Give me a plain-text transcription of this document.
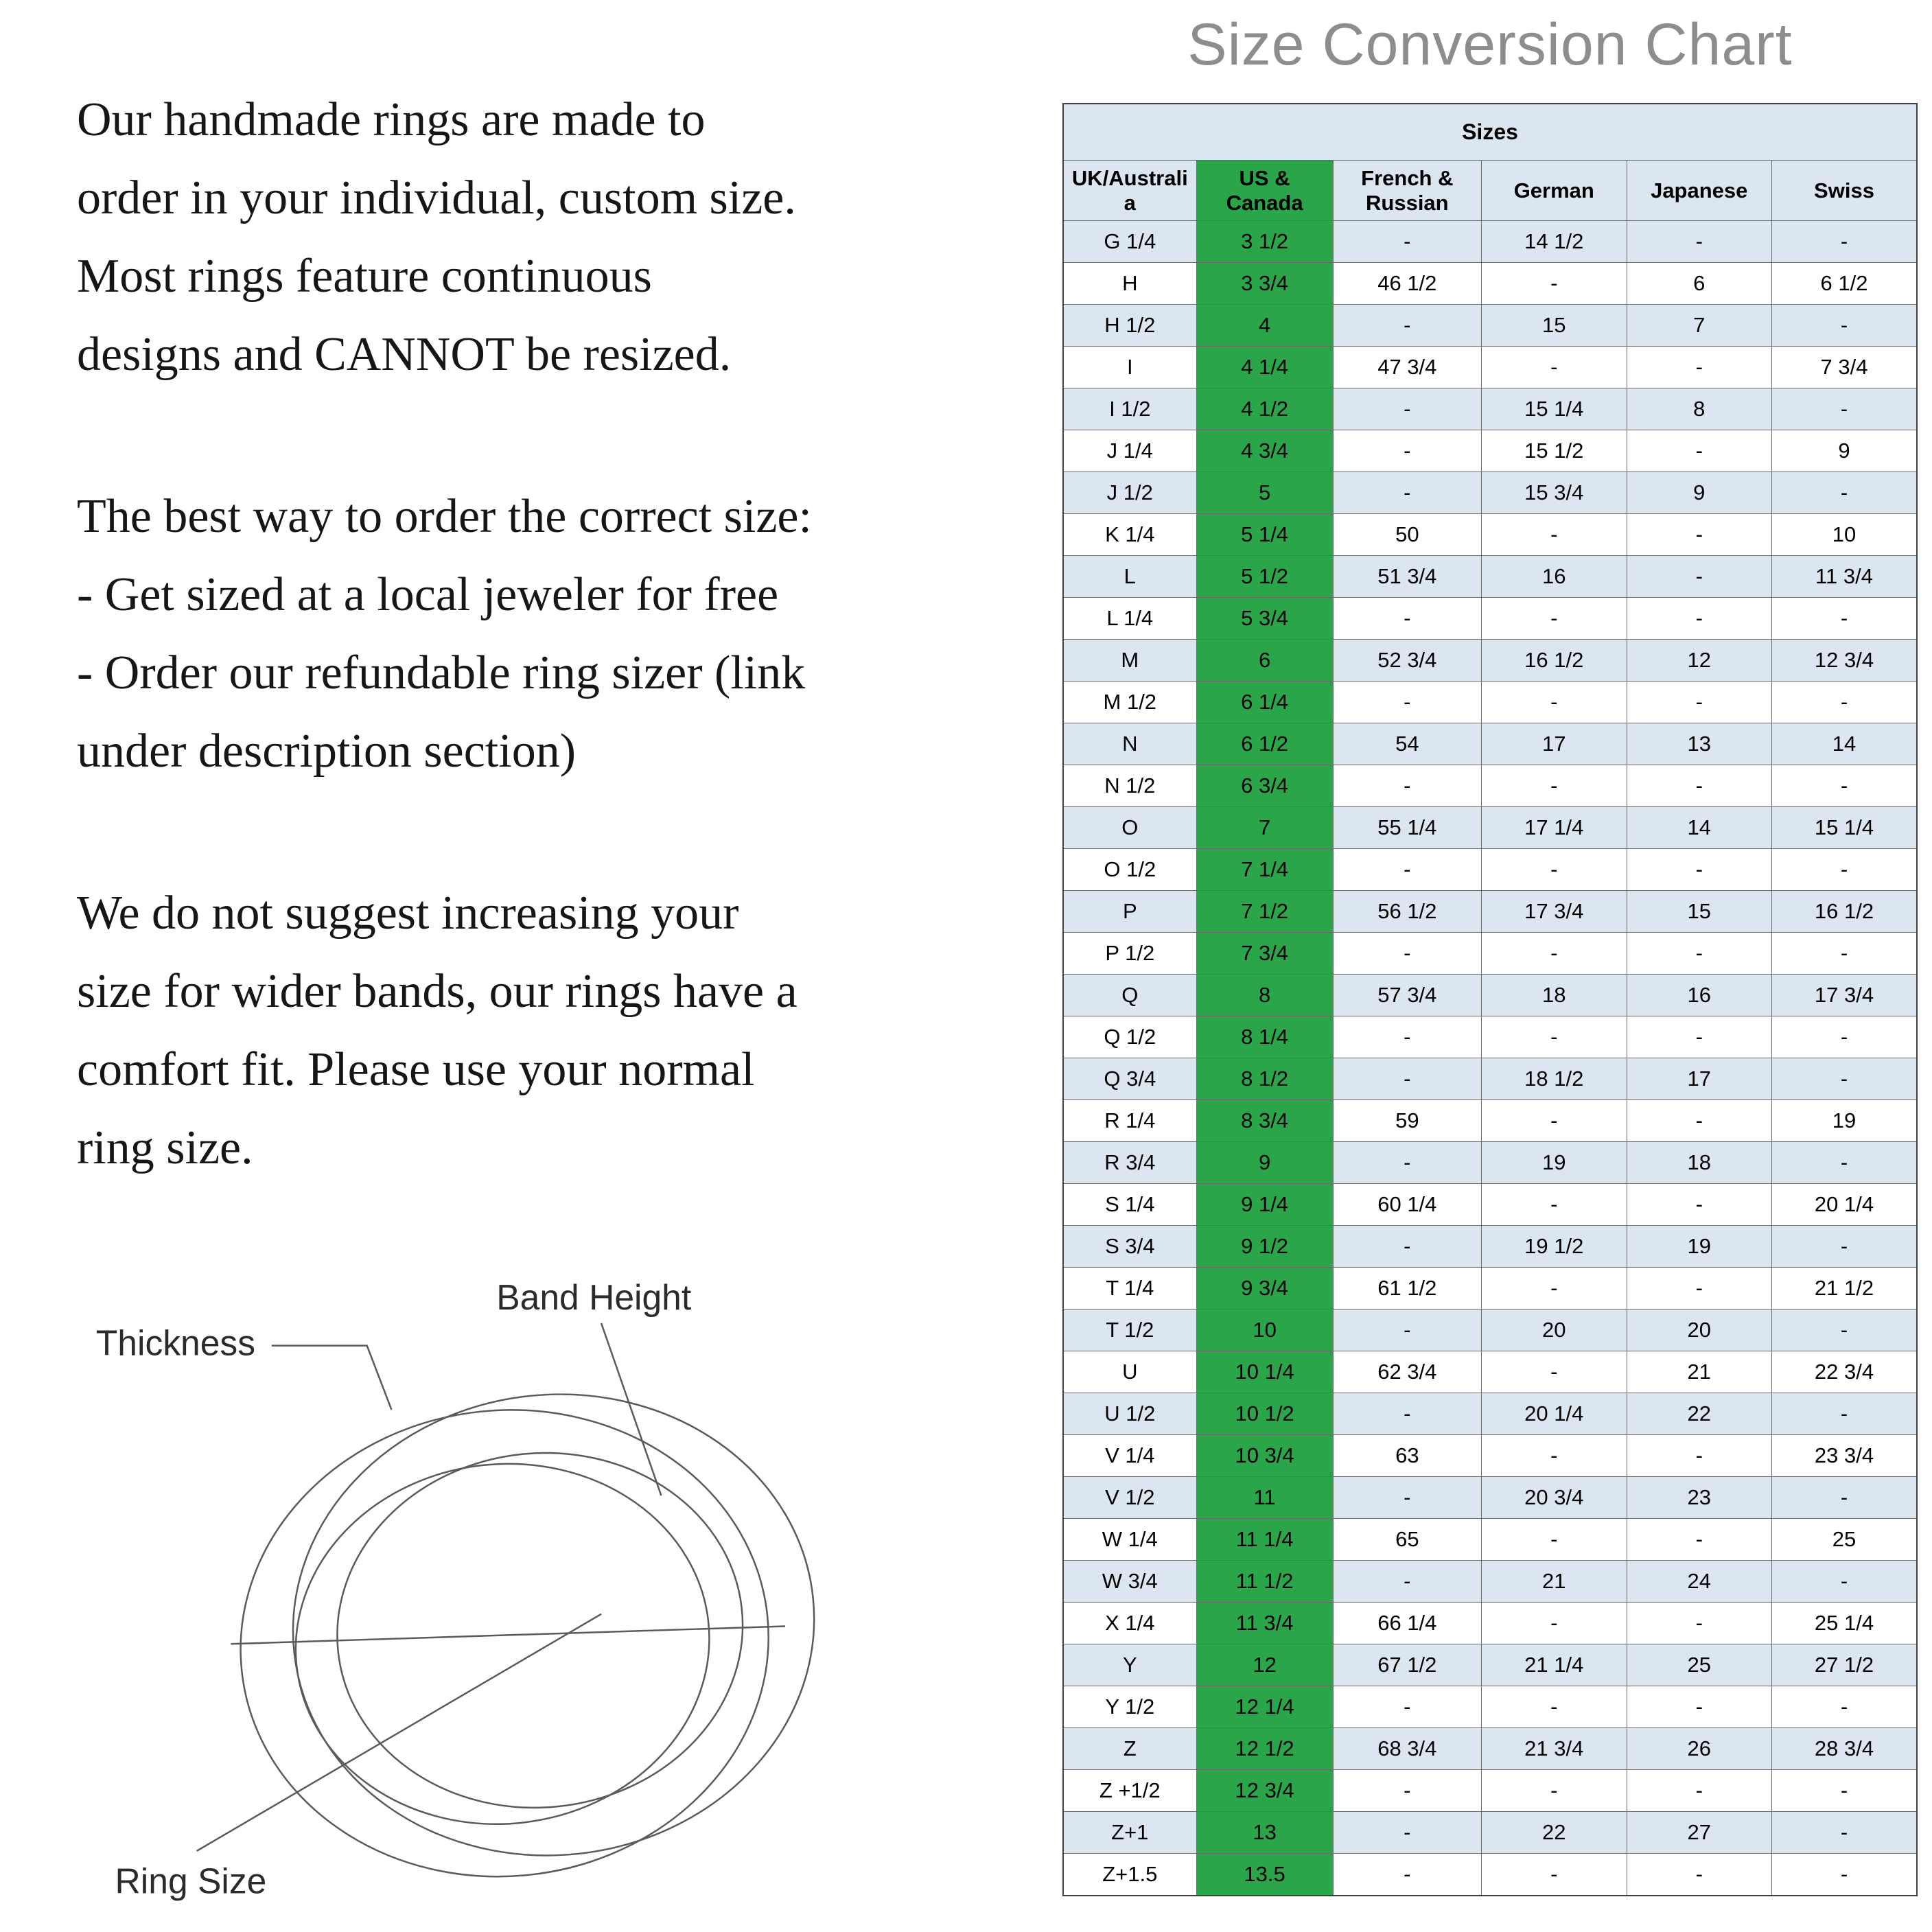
Our handmade rings are made to
order in your individual, custom size.
Most rings feature continuous
designs and CANNOT be resized.
The best way to order the correct size:
- Get sized at a local jeweler for free
- Order our refundable ring sizer (link
under description section)
We do not suggest increasing your
size for wider bands, our rings have a
comfort fit. Please use your normal
ring size.
Thickness
Band Height
Ring Size
Size Conversion Chart
Sizes					
UK/Australia	US & Canada	French & Russian	German	Japanese	Swiss
G 1/4	3 1/2	-	14 1/2	-	-
H	3 3/4	46 1/2	-	6	6 1/2
H 1/2	4	-	15	7	-
I	4 1/4	47 3/4	-	-	7 3/4
I 1/2	4 1/2	-	15 1/4	8	-
J 1/4	4 3/4	-	15 1/2	-	9
J 1/2	5	-	15 3/4	9	-
K 1/4	5 1/4	50	-	-	10
L	5 1/2	51 3/4	16	-	11 3/4
L 1/4	5 3/4	-	-	-	-
M	6	52 3/4	16 1/2	12	12 3/4
M 1/2	6 1/4	-	-	-	-
N	6 1/2	54	17	13	14
N 1/2	6 3/4	-	-	-	-
O	7	55 1/4	17 1/4	14	15 1/4
O 1/2	7 1/4	-	-	-	-
P	7 1/2	56 1/2	17 3/4	15	16 1/2
P 1/2	7 3/4	-	-	-	-
Q	8	57 3/4	18	16	17 3/4
Q 1/2	8 1/4	-	-	-	-
Q 3/4	8 1/2	-	18 1/2	17	-
R 1/4	8 3/4	59	-	-	19
R 3/4	9	-	19	18	-
S 1/4	9 1/4	60 1/4	-	-	20 1/4
S 3/4	9 1/2	-	19 1/2	19	-
T 1/4	9 3/4	61 1/2	-	-	21 1/2
T 1/2	10	-	20	20	-
U	10 1/4	62 3/4	-	21	22 3/4
U 1/2	10 1/2	-	20 1/4	22	-
V 1/4	10 3/4	63	-	-	23 3/4
V 1/2	11	-	20 3/4	23	-
W 1/4	11 1/4	65	-	-	25
W 3/4	11 1/2	-	21	24	-
X 1/4	11 3/4	66 1/4	-	-	25 1/4
Y	12	67 1/2	21 1/4	25	27 1/2
Y 1/2	12 1/4	-	-	-	-
Z	12 1/2	68 3/4	21 3/4	26	28 3/4
Z +1/2	12 3/4	-	-	-	-
Z+1	13	-	22	27	-
Z+1.5	13.5	-	-	-	-
